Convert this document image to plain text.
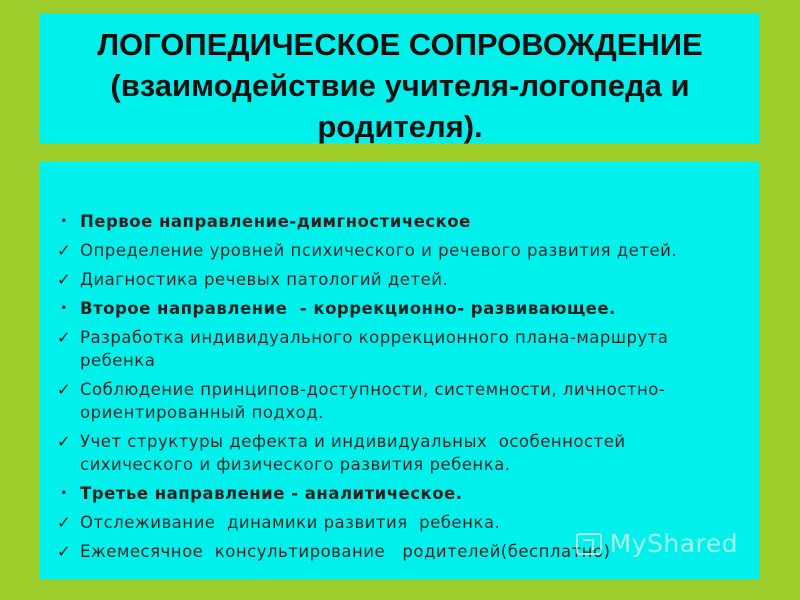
ЛОГОПЕДИЧЕСКОЕ СОПРОВОЖДЕНИЕ
(взаимодействие учителя-логопеда и
родителя).
• Первое направление-димгностическое
✓ Определение уровней психического и речевого развития детей.
✓ Диагностика речевых патологий детей.
• Второе направление  - коррекционно- развивающее.
✓ Разработка индивидуального коррекционного плана-маршрута ребенка
✓ Соблюдение принципов-доступности, системности, личностно-ориентированный подход.
✓ Учет структуры дефекта и индивидуальных  особенностей сихического и физического развития ребенка.
• Третье направление - аналитическое.
✓ Отслеживание  динамики развития  ребенка.
✓ Ежемесячное  консультирование   родителей(бесплатно) MyShared
